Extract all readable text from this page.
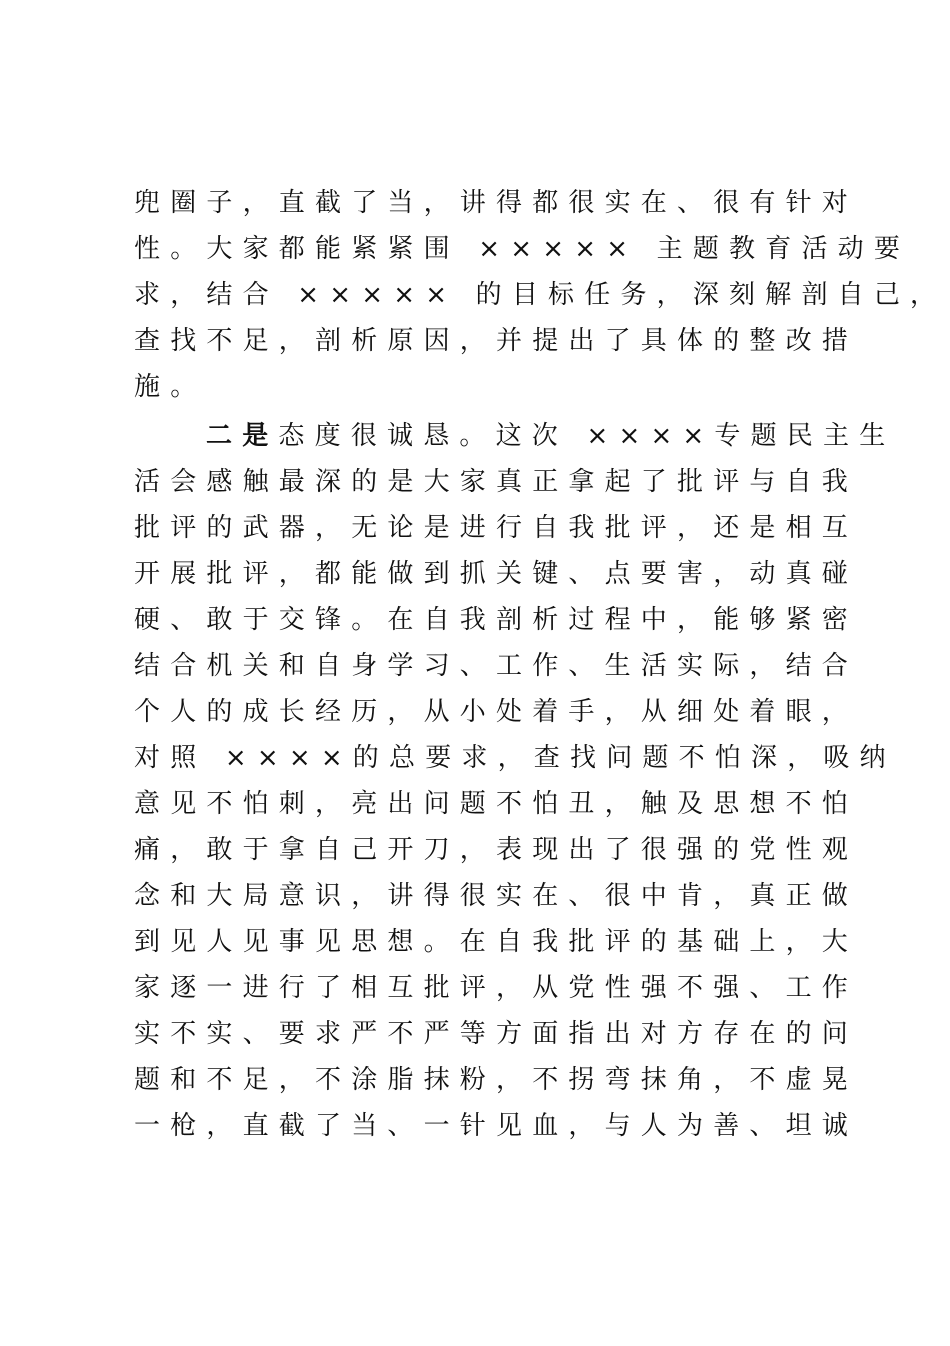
兜圈子，直截了当，讲得都很实在、很有针对

性。大家都能紧紧围 ××××× 主题教育活动要

求，结合 ××××× 的目标任务，深刻解剖自己，

查找不足，剖析原因，并提出了具体的整改措

施。

二是态度很诚恳。这次 ××××专题民主生

活会感触最深的是大家真正拿起了批评与自我

批评的武器，无论是进行自我批评，还是相互

开展批评，都能做到抓关键、点要害，动真碰

硬、敢于交锋。在自我剖析过程中，能够紧密

结合机关和自身学习、工作、生活实际，结合

个人的成长经历，从小处着手，从细处着眼，

对照 ××××的总要求，查找问题不怕深，吸纳

意见不怕刺，亮出问题不怕丑，触及思想不怕

痛，敢于拿自己开刀，表现出了很强的党性观

念和大局意识，讲得很实在、很中肯，真正做

到见人见事见思想。在自我批评的基础上，大

家逐一进行了相互批评，从党性强不强、工作

实不实、要求严不严等方面指出对方存在的问

题和不足，不涂脂抹粉，不拐弯抹角，不虚晃

一枪，直截了当、一针见血，与人为善、坦诚
